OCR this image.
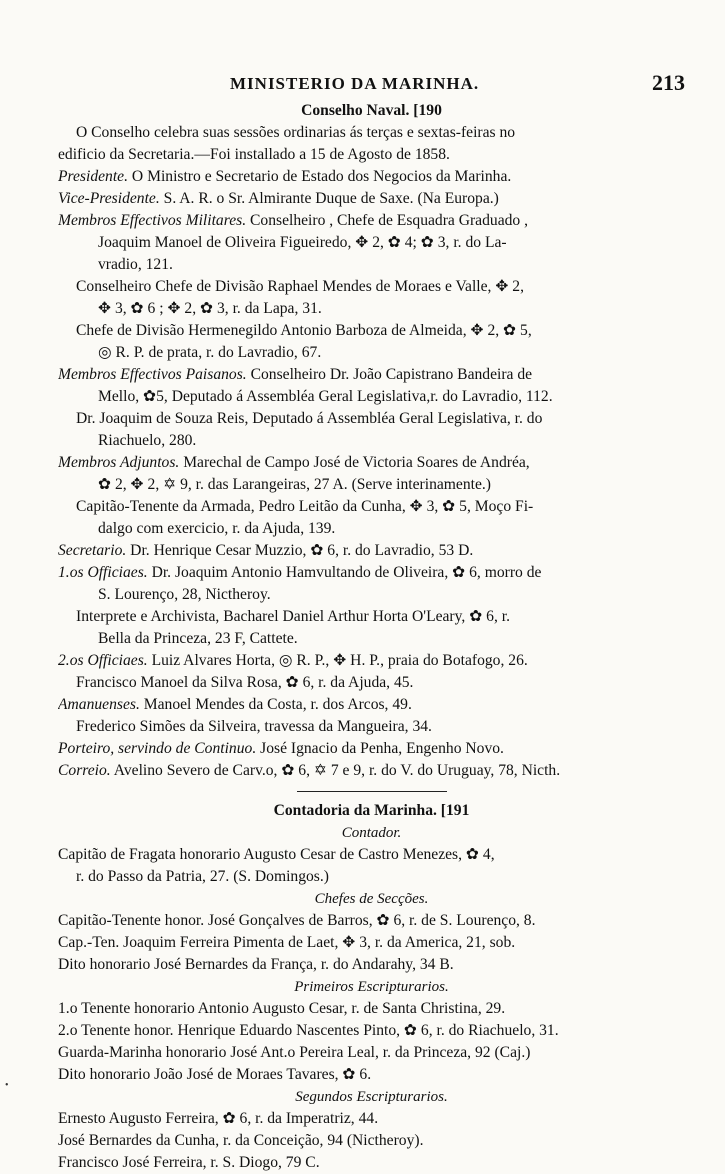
MINISTERIO DA MARINHA.	213
Conselho Naval. [190
O Conselho celebra suas sessões ordinarias ás terças e sextas-feiras no
edificio da Secretaria.—Foi installado a 15 de Agosto de 1858.
Presidente. O Ministro e Secretario de Estado dos Negocios da Marinha.
Vice-Presidente. S. A. R. o Sr. Almirante Duque de Saxe. (Na Europa.)
Membros Effectivos Militares. Conselheiro , Chefe de Esquadra Graduado ,
Joaquim Manoel de Oliveira Figueiredo, ✥ 2, ✿ 4; ✿ 3, r. do La-
vradio, 121.
Conselheiro Chefe de Divisão Raphael Mendes de Moraes e Valle, ✥ 2,
✥ 3, ✿ 6 ; ✥ 2, ✿ 3, r. da Lapa, 31.
Chefe de Divisão Hermenegildo Antonio Barboza de Almeida, ✥ 2, ✿ 5,
◎ R. P. de prata, r. do Lavradio, 67.
Membros Effectivos Paisanos. Conselheiro Dr. João Capistrano Bandeira de
Mello, ✿5, Deputado á Assembléa Geral Legislativa,r. do Lavradio, 112.
Dr. Joaquim de Souza Reis, Deputado á Assembléa Geral Legislativa, r. do
Riachuelo, 280.
Membros Adjuntos. Marechal de Campo José de Victoria Soares de Andréa,
✿ 2, ✥ 2, ✡ 9, r. das Larangeiras, 27 A. (Serve interinamente.)
Capitão-Tenente da Armada, Pedro Leitão da Cunha, ✥ 3, ✿ 5, Moço Fi-
dalgo com exercicio, r. da Ajuda, 139.
Secretario. Dr. Henrique Cesar Muzzio, ✿ 6, r. do Lavradio, 53 D.
1.os Officiaes. Dr. Joaquim Antonio Hamvultando de Oliveira, ✿ 6, morro de
S. Lourenço, 28, Nictheroy.
Interprete e Archivista, Bacharel Daniel Arthur Horta O'Leary, ✿ 6, r.
Bella da Princeza, 23 F, Cattete.
2.os Officiaes. Luiz Alvares Horta, ◎ R. P., ✥ H. P., praia do Botafogo, 26.
Francisco Manoel da Silva Rosa, ✿ 6, r. da Ajuda, 45.
Amanuenses. Manoel Mendes da Costa, r. dos Arcos, 49.
Frederico Simões da Silveira, travessa da Mangueira, 34.
Porteiro, servindo de Continuo. José Ignacio da Penha, Engenho Novo.
Correio. Avelino Severo de Carv.o, ✿ 6, ✡ 7 e 9, r. do V. do Uruguay, 78, Nicth.
Contadoria da Marinha. [191
Contador.
Capitão de Fragata honorario Augusto Cesar de Castro Menezes, ✿ 4,
r. do Passo da Patria, 27. (S. Domingos.)
Chefes de Secções.
Capitão-Tenente honor. José Gonçalves de Barros, ✿ 6, r. de S. Lourenço, 8.
Cap.-Ten. Joaquim Ferreira Pimenta de Laet, ✥ 3, r. da America, 21, sob.
Dito honorario José Bernardes da França, r. do Andarahy, 34 B.
Primeiros Escripturarios.
1.o Tenente honorario Antonio Augusto Cesar, r. de Santa Christina, 29.
2.o Tenente honor. Henrique Eduardo Nascentes Pinto, ✿ 6, r. do Riachuelo, 31.
Guarda-Marinha honorario José Ant.o Pereira Leal, r. da Princeza, 92 (Caj.)
Dito honorario João José de Moraes Tavares, ✿ 6.
Segundos Escripturarios.
Ernesto Augusto Ferreira, ✿ 6, r. da Imperatriz, 44.
José Bernardes da Cunha, r. da Conceição, 94 (Nictheroy).
Francisco José Ferreira, r. S. Diogo, 79 C.
•
